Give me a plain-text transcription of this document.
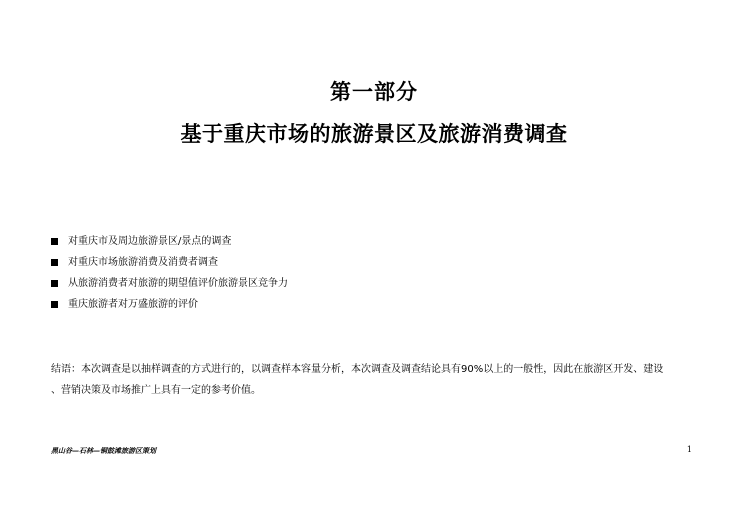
第一部分
基于重庆市场的旅游景区及旅游消费调查
对重庆市及周边旅游景区/景点的调查
对重庆市场旅游消费及消费者调查
从旅游消费者对旅游的期望值评价旅游景区竞争力
重庆旅游者对万盛旅游的评价

结语：本次调查是以抽样调查的方式进行的，以调查样本容量分析，本次调查及调查结论具有90%以上的一般性，因此在旅游区开发、建设

、营销决策及市场推广上具有一定的参考价值。

黑山谷—石林—铜鼓滩旅游区策划	1
